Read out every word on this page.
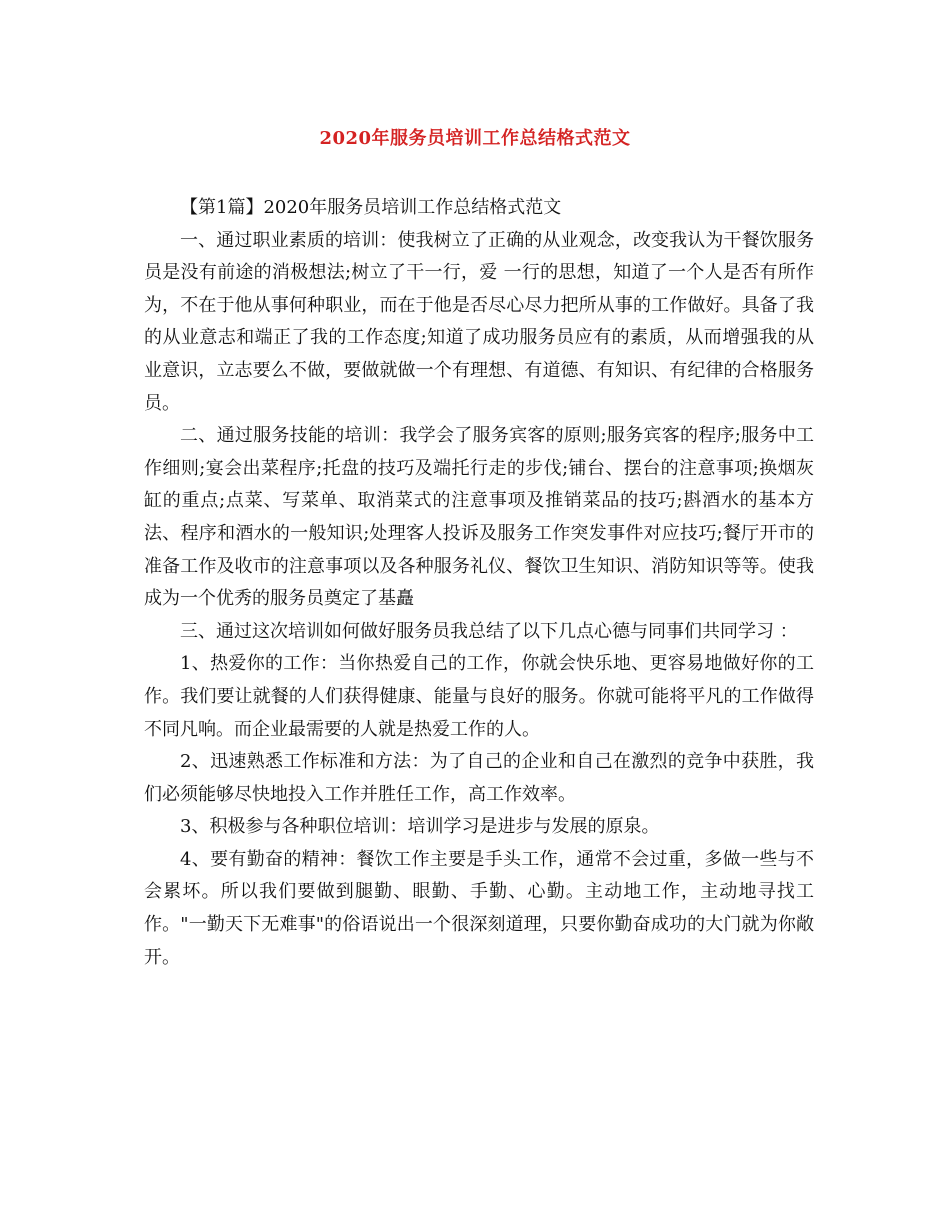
2020年服务员培训工作总结格式范文

【第1篇】2020年服务员培训工作总结格式范文

一、通过职业素质的培训：使我树立了正确的从业观念，改变我认为干餐饮服务员是没有前途的消极想法;树立了干一行，爱 一行的思想，知道了一个人是否有所作为，不在于他从事何种职业，而在于他是否尽心尽力把所从事的工作做好。具备了我的从业意志和端正了我的工作态度;知道了成功服务员应有的素质，从而增强我的从业意识，立志要么不做，要做就做一个有理想、有道德、有知识、有纪律的合格服务员。

二、通过服务技能的培训：我学会了服务宾客的原则;服务宾客的程序;服务中工作细则;宴会出菜程序;托盘的技巧及端托行走的步伐;铺台、摆台的注意事项;换烟灰缸的重点;点菜、写菜单、取消菜式的注意事项及推销菜品的技巧;斟酒水的基本方法、程序和酒水的一般知识;处理客人投诉及服务工作突发事件对应技巧;餐厅开市的准备工作及收市的注意事项以及各种服务礼仪、餐饮卫生知识、消防知识等等。使我成为一个优秀的服务员奠定了基矗

三、通过这次培训如何做好服务员我总结了以下几点心德与同事们共同学习 ：

1、热爱你的工作：当你热爱自己的工作，你就会快乐地、更容易地做好你的工作。我们要让就餐的人们获得健康、能量与良好的服务。你就可能将平凡的工作做得不同凡响。而企业最需要的人就是热爱工作的人。

2、迅速熟悉工作标准和方法：为了自己的企业和自己在激烈的竞争中获胜，我们必须能够尽快地投入工作并胜任工作，高工作效率。

3、积极参与各种职位培训：培训学习是进步与发展的原泉。

4、要有勤奋的精神：餐饮工作主要是手头工作，通常不会过重，多做一些与不会累坏。所以我们要做到腿勤、眼勤、手勤、心勤。主动地工作，主动地寻找工作。"一勤天下无难事"的俗语说出一个很深刻道理，只要你勤奋成功的大门就为你敞开。
